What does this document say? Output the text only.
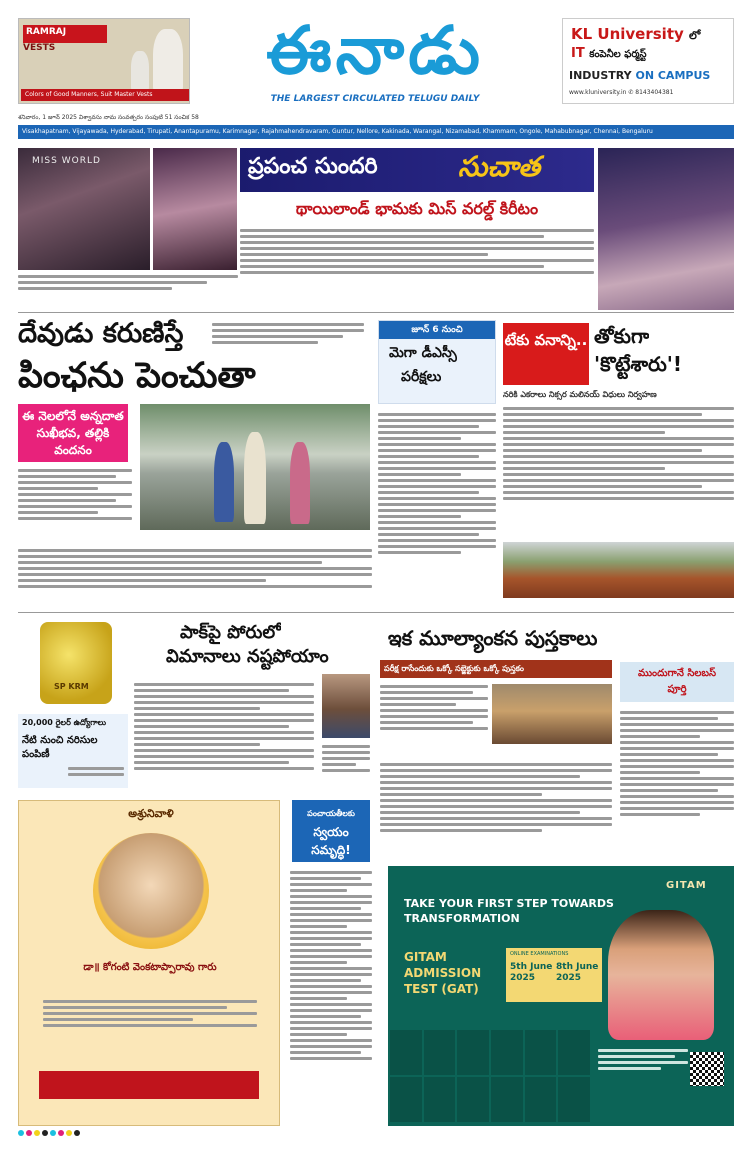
RAMRAJ
VESTS
Colors of Good Manners, Suit Master Vests
ఈనాడు
THE LARGEST CIRCULATED TELUGU DAILY
KL University లో
IT కంపెనీల ఫర్మస్ట్
INDUSTRY ON CAMPUS
www.kluniversity.in ✆ 8143404381
శనివారం, 1 జూన్ 2025 విశ్వావసు నామ సంవత్సరం సంపుటి 51 సంచిక 58
Visakhapatnam, Vijayawada, Hyderabad, Tirupati, Anantapuramu, Karimnagar, Rajahmahendravaram, Guntur, Nellore, Kakinada, Warangal, Nizamabad, Khammam, Ongole, Mahabubnagar, Chennai, Bengaluru
MISS WORLD	ప్రపంచ సుందరి	సుచాత
థాయిలాండ్ భామకు మిస్ వరల్డ్ కిరీటం
దేవుడు కరుణిస్తే
పింఛను పెంచుతా
ఈ నెలలోనే అన్నదాత సుఖీభవ, తల్లికి వందనం
జూన్ 6 నుంచి
మెగా డీఎస్సీ
పరీక్షలు
టేకు వనాన్ని.. తోకుగా
'కొట్టేశారు'!
నరికి ఎకరాలు నిక్సర మలినయ్ విధులు నిర్వహణ
SP KRM
20,000 రైలర్ ఉద్యోగాలు
నేటి నుంచి నరిసుల పంపిణీ
పాక్‌పై పోరులో
విమానాలు నష్టపోయాం
ఇక మూల్యాంకన పుస్తకాలు
పరీక్ష రాసేందుకు ఒక్కో సబ్జెక్టుకు ఒక్కో పుస్తకం	ముందుగానే సిలబస్ పూర్తి
అశ్రునివాళి
డా॥ కోగంటి వెంకటాప్పారావు గారు
పంచాయతీలకు
స్వయం
సమృద్ధి!
GITAM
TAKE YOUR FIRST STEP TOWARDS TRANSFORMATION
GITAM
ADMISSION
TEST (GAT)
ONLINE EXAMINATIONS
5th June 2025
8th June 2025
